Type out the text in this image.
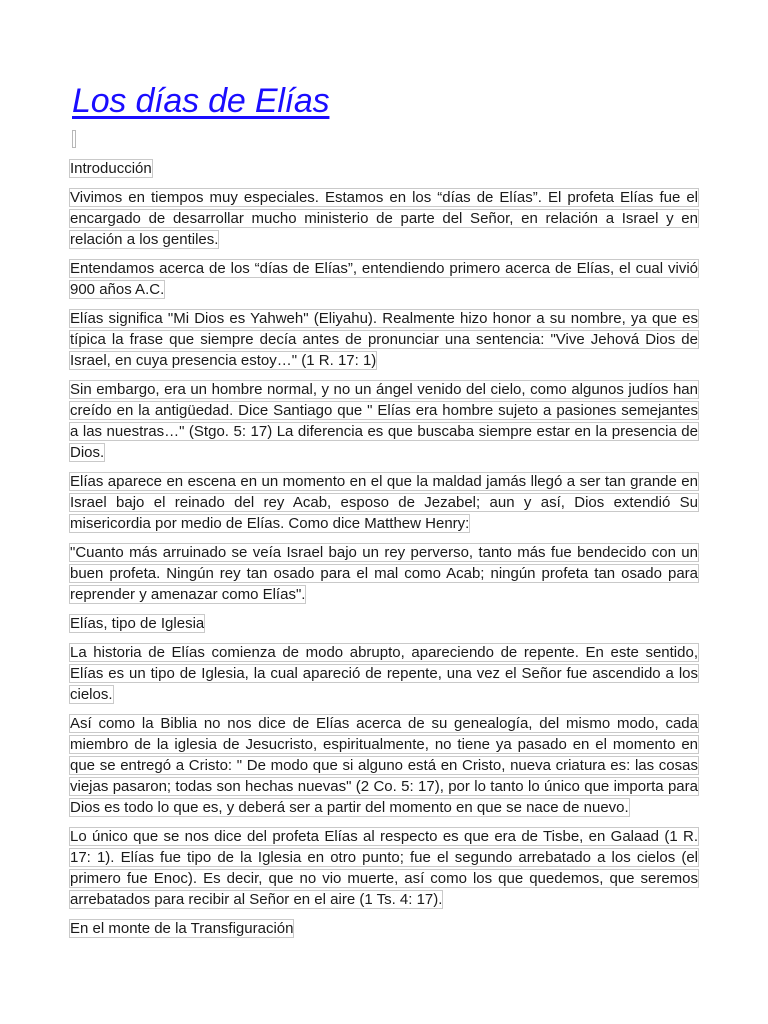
Los días de Elías

Introducción

Vivimos en tiempos muy especiales. Estamos en los “días de Elías”. El profeta Elías fue el encargado de desarrollar mucho ministerio de parte del Señor, en relación a Israel y en relación a los gentiles.

Entendamos acerca de los “días de Elías”, entendiendo primero acerca de Elías, el cual vivió 900 años A.C.

Elías significa "Mi Dios es Yahweh" (Eliyahu). Realmente hizo honor a su nombre, ya que es típica la frase que siempre decía antes de pronunciar una sentencia: "Vive Jehová Dios de Israel, en cuya presencia estoy…" (1 R. 17: 1)

Sin embargo, era un hombre normal, y no un ángel venido del cielo, como algunos judíos han creído en la antigüedad. Dice Santiago que " Elías era hombre sujeto a pasiones semejantes a las nuestras…" (Stgo. 5: 17) La diferencia es que buscaba siempre estar en la presencia de Dios.

Elías aparece en escena en un momento en el que la maldad jamás llegó a ser tan grande en Israel bajo el reinado del rey Acab, esposo de Jezabel; aun y así, Dios extendió Su misericordia por medio de Elías. Como dice Matthew Henry:

"Cuanto más arruinado se veía Israel bajo un rey perverso, tanto más fue bendecido con un buen profeta. Ningún rey tan osado para el mal como Acab; ningún profeta tan osado para reprender y amenazar como Elías".

Elías, tipo de Iglesia

La historia de Elías comienza de modo abrupto, apareciendo de repente. En este sentido, Elías es un tipo de Iglesia, la cual apareció de repente, una vez el Señor fue ascendido a los cielos.

Así como la Biblia no nos dice de Elías acerca de su genealogía, del mismo modo, cada miembro de la iglesia de Jesucristo, espiritualmente, no tiene ya pasado en el momento en que se entregó a Cristo: " De modo que si alguno está en Cristo, nueva criatura es: las cosas viejas pasaron; todas son hechas nuevas" (2 Co. 5: 17), por lo tanto lo único que importa para Dios es todo lo que es, y deberá ser a partir del momento en que se nace de nuevo.

Lo único que se nos dice del profeta Elías al respecto es que era de Tisbe, en Galaad (1 R. 17: 1). Elías fue tipo de la Iglesia en otro punto; fue el segundo arrebatado a los cielos (el primero fue Enoc). Es decir, que no vio muerte, así como los que quedemos, que seremos arrebatados para recibir al Señor en el aire (1 Ts. 4: 17).

En el monte de la Transfiguración
